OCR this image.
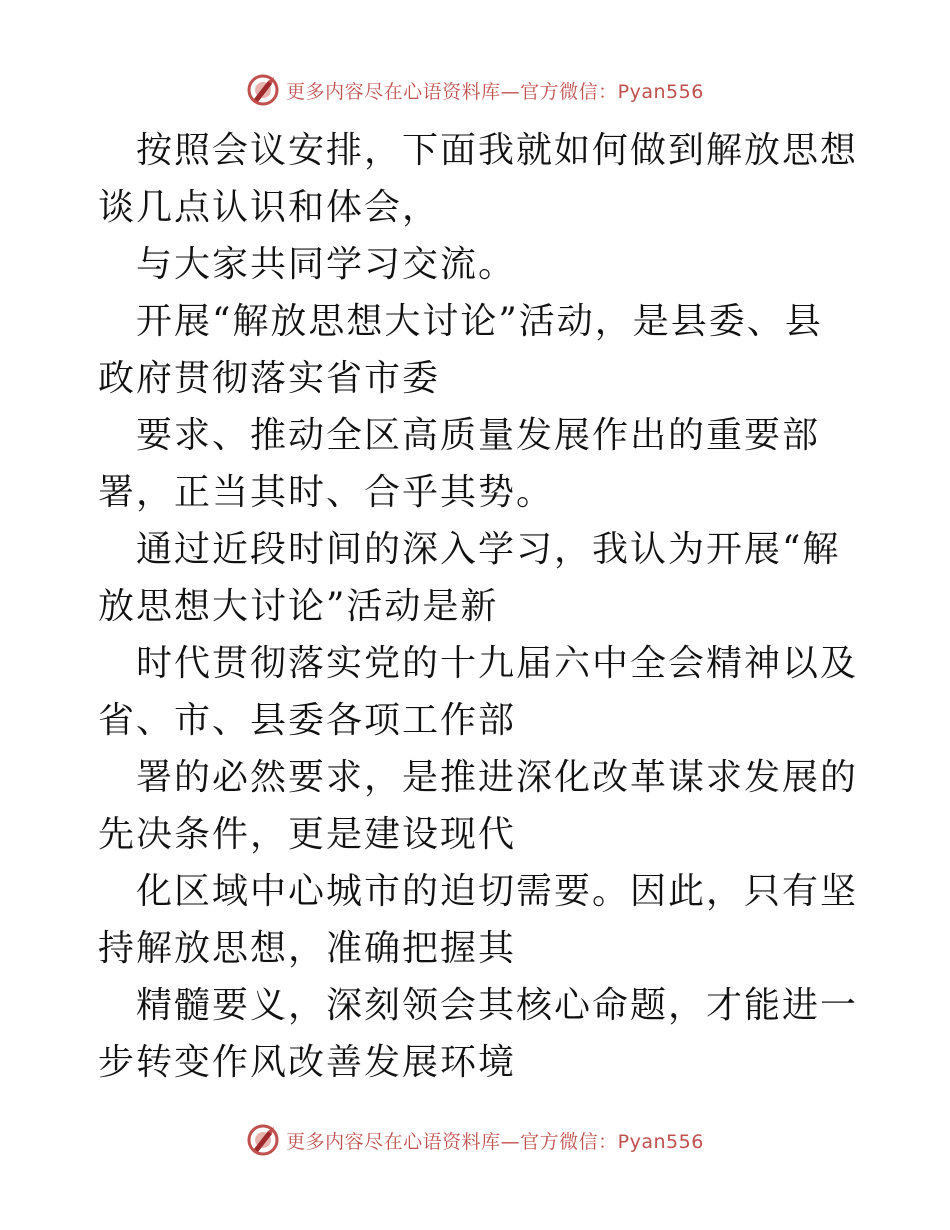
更多内容尽在心语资料库—官方微信：Pyan556

按照会议安排，下面我就如何做到解放思想谈几点认识和体会，

与大家共同学习交流。

开展“解放思想大讨论”活动，是县委、县政府贯彻落实省市委

要求、推动全区高质量发展作出的重要部署，正当其时、合乎其势。

通过近段时间的深入学习，我认为开展“解放思想大讨论”活动是新

时代贯彻落实党的十九届六中全会精神以及省、市、县委各项工作部

署的必然要求，是推进深化改革谋求发展的先决条件，更是建设现代

化区域中心城市的迫切需要。因此，只有坚持解放思想，准确把握其

精髓要义，深刻领会其核心命题，才能进一步转变作风改善发展环境

更多内容尽在心语资料库—官方微信：Pyan556
